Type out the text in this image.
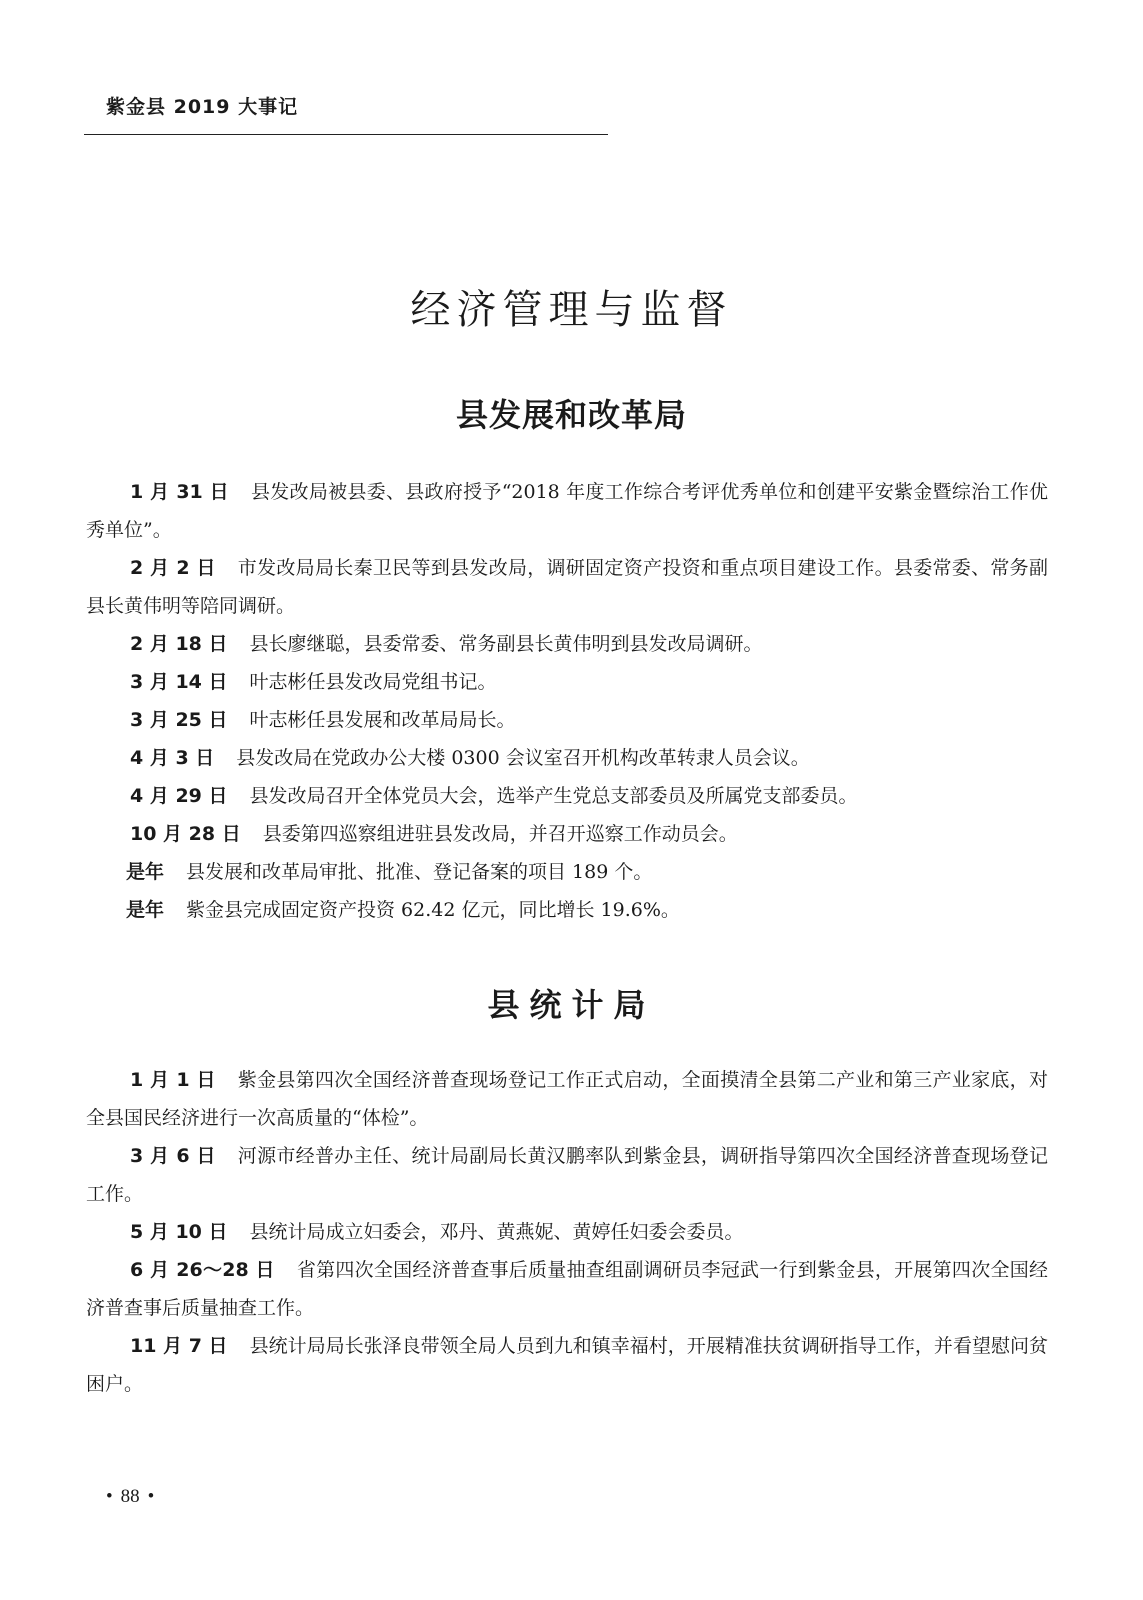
紫金县 2019 大事记
经济管理与监督
县发展和改革局

1 月 31 日 县发改局被县委、县政府授予“2018 年度工作综合考评优秀单位和创建平安紫金暨综治工作优秀单位”。

2 月 2 日 市发改局局长秦卫民等到县发改局，调研固定资产投资和重点项目建设工作。县委常委、常务副县长黄伟明等陪同调研。

2 月 18 日 县长廖继聪，县委常委、常务副县长黄伟明到县发改局调研。

3 月 14 日 叶志彬任县发改局党组书记。

3 月 25 日 叶志彬任县发展和改革局局长。

4 月 3 日 县发改局在党政办公大楼 0300 会议室召开机构改革转隶人员会议。

4 月 29 日 县发改局召开全体党员大会，选举产生党总支部委员及所属党支部委员。

10 月 28 日 县委第四巡察组进驻县发改局，并召开巡察工作动员会。

是年 县发展和改革局审批、批准、登记备案的项目 189 个。

是年 紫金县完成固定资产投资 62.42 亿元，同比增长 19.6%。

县统计局

1 月 1 日 紫金县第四次全国经济普查现场登记工作正式启动，全面摸清全县第二产业和第三产业家底，对全县国民经济进行一次高质量的“体检”。

3 月 6 日 河源市经普办主任、统计局副局长黄汉鹏率队到紫金县，调研指导第四次全国经济普查现场登记工作。

5 月 10 日 县统计局成立妇委会，邓丹、黄燕妮、黄婷任妇委会委员。

6 月 26～28 日 省第四次全国经济普查事后质量抽查组副调研员李冠武一行到紫金县，开展第四次全国经济普查事后质量抽查工作。

11 月 7 日 县统计局局长张泽良带领全局人员到九和镇幸福村，开展精准扶贫调研指导工作，并看望慰问贫困户。

• 88 •
